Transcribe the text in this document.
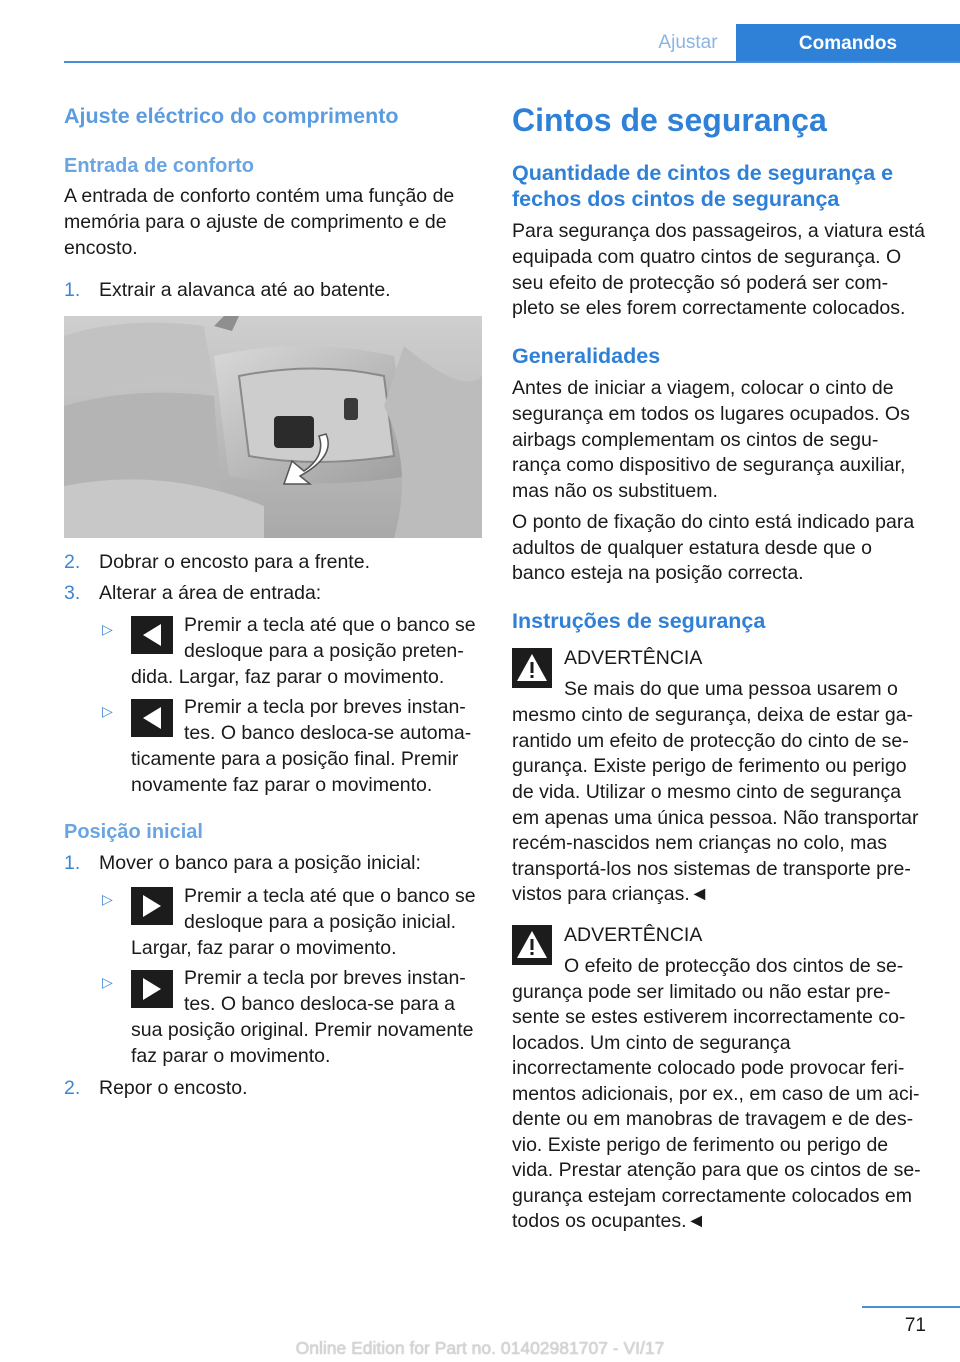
Ajustar	Comandos
Ajuste eléctrico do comprimento
Entrada de conforto
A entrada de conforto contém uma função de
memória para o ajuste de comprimento e de
encosto.
1. Extrair a alavanca até ao batente.
2. Dobrar o encosto para a frente.
3. Alterar a área de entrada:
▷	Premir a tecla até que o banco se
desloque para a posição preten-
dida. Largar, faz parar o movimento.
▷	Premir a tecla por breves instan-
tes. O banco desloca-se automa-
ticamente para a posição final. Premir
novamente faz parar o movimento.
Posição inicial
1. Mover o banco para a posição inicial:
▷	Premir a tecla até que o banco se
desloque para a posição inicial.
Largar, faz parar o movimento.
▷	Premir a tecla por breves instan-
tes. O banco desloca-se para a
sua posição original. Premir novamente
faz parar o movimento.
2. Repor o encosto.
Cintos de segurança
Quantidade de cintos de segurança e
fechos dos cintos de segurança
Para segurança dos passageiros, a viatura está
equipada com quatro cintos de segurança. O
seu efeito de protecção só poderá ser com-
pleto se eles forem correctamente colocados.
Generalidades
Antes de iniciar a viagem, colocar o cinto de
segurança em todos os lugares ocupados. Os
airbags complementam os cintos de segu-
rança como dispositivo de segurança auxiliar,
mas não os substituem.
O ponto de fixação do cinto está indicado para
adultos de qualquer estatura desde que o
banco esteja na posição correcta.
Instruções de segurança
ADVERTÊNCIA
Se mais do que uma pessoa usarem o
mesmo cinto de segurança, deixa de estar ga-
rantido um efeito de protecção do cinto de se-
gurança. Existe perigo de ferimento ou perigo
de vida. Utilizar o mesmo cinto de segurança
em apenas uma única pessoa. Não transportar
recém-nascidos nem crianças no colo, mas
transportá-los nos sistemas de transporte pre-
vistos para crianças.◄
ADVERTÊNCIA
O efeito de protecção dos cintos de se-
gurança pode ser limitado ou não estar pre-
sente se estes estiverem incorrectamente co-
locados. Um cinto de segurança
incorrectamente colocado pode provocar feri-
mentos adicionais, por ex., em caso de um aci-
dente ou em manobras de travagem e de des-
vio. Existe perigo de ferimento ou perigo de
vida. Prestar atenção para que os cintos de se-
gurança estejam correctamente colocados em
todos os ocupantes.◄
71
Online Edition for Part no. 01402981707 - VI/17
